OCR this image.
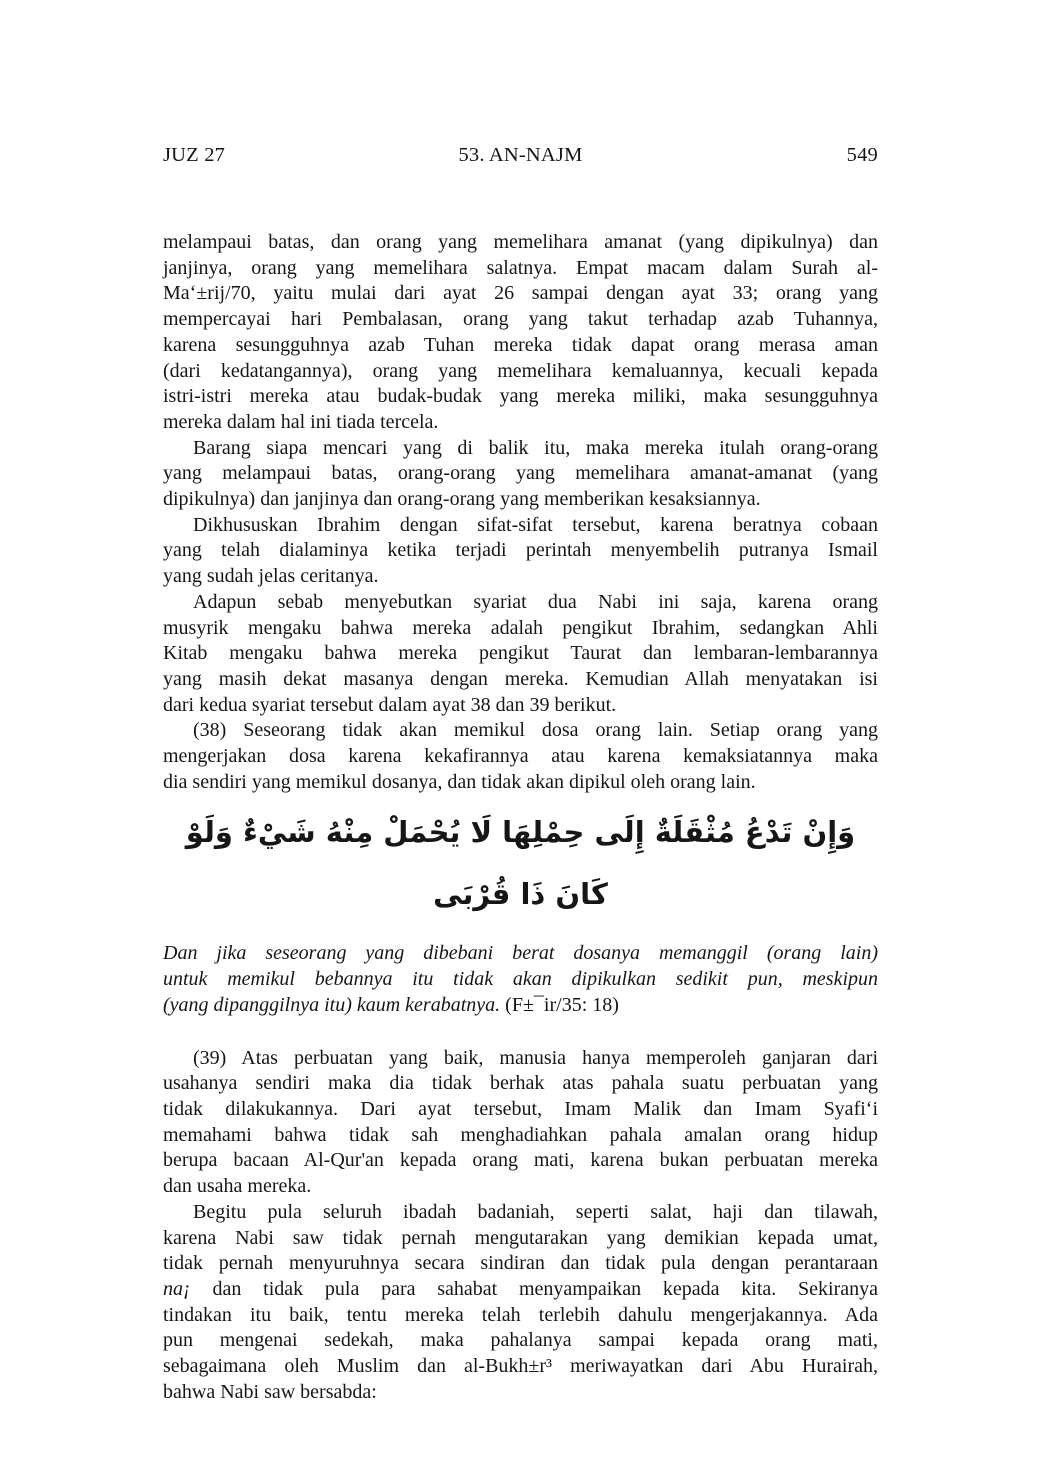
JUZ 27	53. AN-NAJM	549
melampaui batas, dan orang yang memelihara amanat (yang dipikulnya) dan
janjinya, orang yang memelihara salatnya. Empat macam dalam Surah al-
Ma‘±rij/70, yaitu mulai dari ayat 26 sampai dengan ayat 33; orang yang
mempercayai hari Pembalasan, orang yang takut terhadap azab Tuhannya,
karena sesungguhnya azab Tuhan mereka tidak dapat orang merasa aman
(dari kedatangannya), orang yang memelihara kemaluannya, kecuali kepada
istri-istri mereka atau budak-budak yang mereka miliki, maka sesungguhnya
mereka dalam hal ini tiada tercela.
Barang siapa mencari yang di balik itu, maka mereka itulah orang-orang
yang melampaui batas, orang-orang yang memelihara amanat-amanat (yang
dipikulnya) dan janjinya dan orang-orang yang memberikan kesaksiannya.
Dikhususkan Ibrahim dengan sifat-sifat tersebut, karena beratnya cobaan
yang telah dialaminya ketika terjadi perintah menyembelih putranya Ismail
yang sudah jelas ceritanya.
Adapun sebab menyebutkan syariat dua Nabi ini saja, karena orang
musyrik mengaku bahwa mereka adalah pengikut Ibrahim, sedangkan Ahli
Kitab mengaku bahwa mereka pengikut Taurat dan lembaran-lembarannya
yang masih dekat masanya dengan mereka. Kemudian Allah menyatakan isi
dari kedua syariat tersebut dalam ayat 38 dan 39 berikut.
(38) Seseorang tidak akan memikul dosa orang lain. Setiap orang yang
mengerjakan dosa karena kekafirannya atau karena kemaksiatannya maka
dia sendiri yang memikul dosanya, dan tidak akan dipikul oleh orang lain.
وَإِنْ تَدْعُ مُثْقَلَةٌ إِلَى حِمْلِهَا لَا يُحْمَلْ مِنْهُ شَيْءٌ وَلَوْ كَانَ ذَا قُرْبَى
Dan jika seseorang yang dibebani berat dosanya memanggil (orang lain)
untuk memikul bebannya itu tidak akan dipikulkan sedikit pun, meskipun
(yang dipanggilnya itu) kaum kerabatnya. (F±¯ir/35: 18)
(39) Atas perbuatan yang baik, manusia hanya memperoleh ganjaran dari
usahanya sendiri maka dia tidak berhak atas pahala suatu perbuatan yang
tidak dilakukannya. Dari ayat tersebut, Imam Malik dan Imam Syafi‘i
memahami bahwa tidak sah menghadiahkan pahala amalan orang hidup
berupa bacaan Al-Qur'an kepada orang mati, karena bukan perbuatan mereka
dan usaha mereka.
Begitu pula seluruh ibadah badaniah, seperti salat, haji dan tilawah,
karena Nabi saw tidak pernah mengutarakan yang demikian kepada umat,
tidak pernah menyuruhnya secara sindiran dan tidak pula dengan perantaraan
na¡ dan tidak pula para sahabat menyampaikan kepada kita. Sekiranya
tindakan itu baik, tentu mereka telah terlebih dahulu mengerjakannya. Ada
pun mengenai sedekah, maka pahalanya sampai kepada orang mati,
sebagaimana oleh Muslim dan al-Bukh±r³ meriwayatkan dari Abu Hurairah,
bahwa Nabi saw bersabda:
